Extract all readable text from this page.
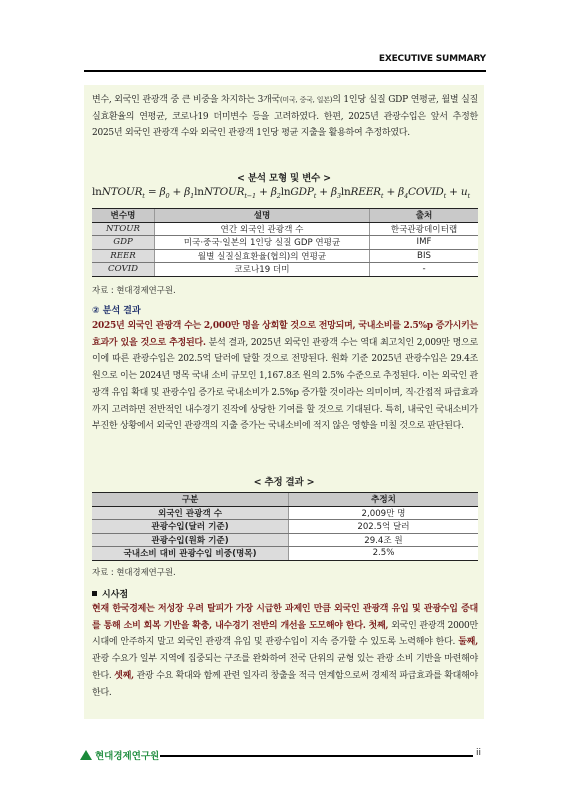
EXECUTIVE SUMMARY

변수, 외국인 관광객 중 큰 비중을 차지하는 3개국(미국, 중국, 일본)의 1인당 실질 GDP 연평균, 월별 실질실효환율의 연평균, 코로나19 더미변수 등을 고려하였다. 한편, 2025년 관광수입은 앞서 추정한 2025년 외국인 관광객 수와 외국인 관광객 1인당 평균 지출을 활용하여 추정하였다.

< 분석 모형 및 변수 >
lnNTOUR$_t$ = $\beta_0$ + $\beta_1lnNTOUR_{t-1}$ + $\beta_2lnGDP_t$ + $\beta_3lnREER_t$ + $\beta_4COVID_t + u_t$
변수명	설명	출처
NTOUR	연간 외국인 관광객 수	한국관광데이터랩
GDP	미국·중국·일본의 1인당 실질 GDP 연평균	IMF
REER	월별 실질실효환율(협의)의 연평균	BIS
COVID	코로나19 더미	-
자료 : 현대경제연구원.
② 분석 결과

2025년 외국인 관광객 수는 2,000만 명을 상회할 것으로 전망되며, 국내소비를 2.5%p 증가시키는 효과가 있을 것으로 추정된다. 분석 결과, 2025년 외국인 관광객 수는 역대 최고치인 2,009만 명으로 이에 따른 관광수입은 202.5억 달러에 달할 것으로 전망된다. 원화 기준 2025년 관광수입은 29.4조 원으로 이는 2024년 명목 국내 소비 규모인 1,167.8조 원의 2.5% 수준으로 추정된다. 이는 외국인 관광객 유입 확대 및 관광수입 증가로 국내소비가 2.5%p 증가할 것이라는 의미이며, 직·간접적 파급효과까지 고려하면 전반적인 내수경기 진작에 상당한 기여를 할 것으로 기대된다. 특히, 내국인 국내소비가 부진한 상황에서 외국인 관광객의 지출 증가는 국내소비에 적지 않은 영향을 미칠 것으로 판단된다.

< 추정 결과 >
구분	추정치
외국인 관광객 수	2,009만 명
관광수입(달러 기준)	202.5억 달러
관광수입(원화 기준)	29.4조 원
국내소비 대비 관광수입 비중(명목)	2.5%
자료 : 현대경제연구원.
시사점

현재 한국경제는 저성장 우려 탈피가 가장 시급한 과제인 만큼 외국인 관광객 유입 및 관광수입 증대를 통해 소비 회복 기반을 확충, 내수경기 전반의 개선을 도모해야 한다. 첫째, 외국인 관광객 2000만 시대에 안주하지 말고 외국인 관광객 유입 및 관광수입이 지속 증가할 수 있도록 노력해야 한다. 둘째, 관광 수요가 일부 지역에 집중되는 구조를 완화하여 전국 단위의 균형 있는 관광 소비 기반을 마련해야 한다. 셋째, 관광 수요 확대와 함께 관련 일자리 창출을 적극 연계함으로써 경제적 파급효과를 확대해야 한다.

현대경제연구원	ii
